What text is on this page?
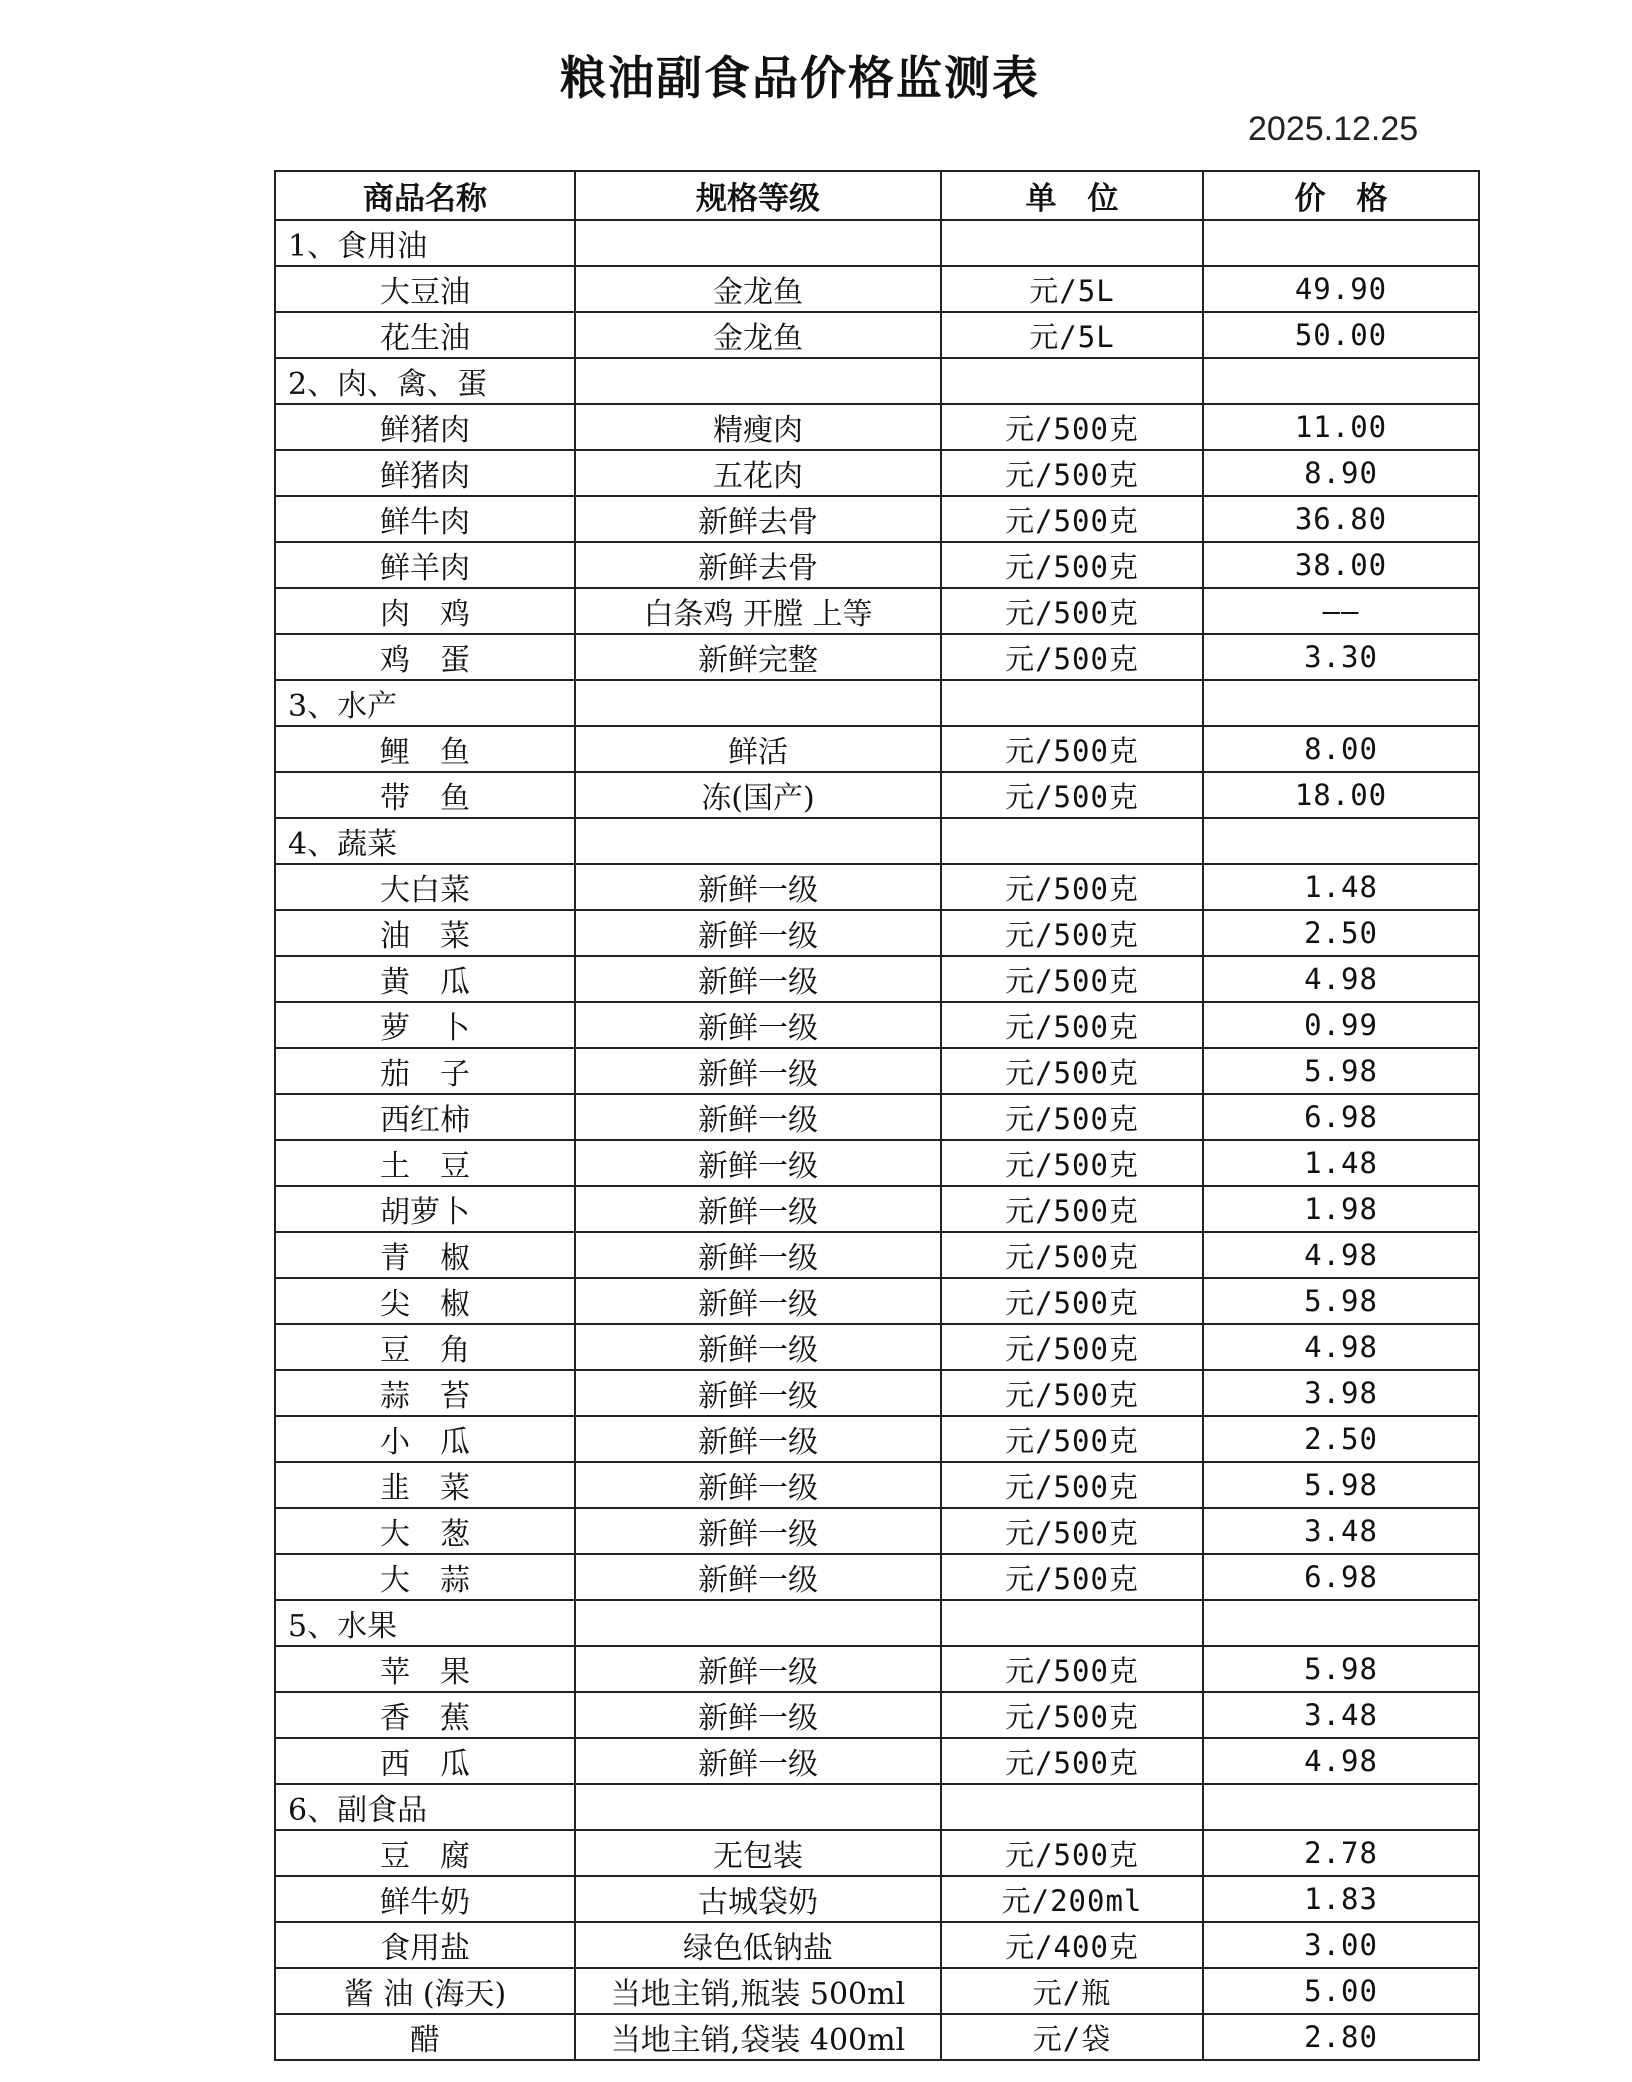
粮油副食品价格监测表
2025.12.25
商品名称	规格等级	单　位	价　格
1、食用油			
大豆油	金龙鱼	元/5L	49.90
花生油	金龙鱼	元/5L	50.00
2、肉、禽、蛋			
鲜猪肉	精瘦肉	元/500克	11.00
鲜猪肉	五花肉	元/500克	8.90
鲜牛肉	新鲜去骨	元/500克	36.80
鲜羊肉	新鲜去骨	元/500克	38.00
肉　鸡	白条鸡 开膛 上等	元/500克	——
鸡　蛋	新鲜完整	元/500克	3.30
3、水产			
鲤　鱼	鲜活	元/500克	8.00
带　鱼	冻(国产)	元/500克	18.00
4、蔬菜			
大白菜	新鲜一级	元/500克	1.48
油　菜	新鲜一级	元/500克	2.50
黄　瓜	新鲜一级	元/500克	4.98
萝　卜	新鲜一级	元/500克	0.99
茄　子	新鲜一级	元/500克	5.98
西红柿	新鲜一级	元/500克	6.98
土　豆	新鲜一级	元/500克	1.48
胡萝卜	新鲜一级	元/500克	1.98
青　椒	新鲜一级	元/500克	4.98
尖　椒	新鲜一级	元/500克	5.98
豆　角	新鲜一级	元/500克	4.98
蒜　苔	新鲜一级	元/500克	3.98
小　瓜	新鲜一级	元/500克	2.50
韭　菜	新鲜一级	元/500克	5.98
大　葱	新鲜一级	元/500克	3.48
大　蒜	新鲜一级	元/500克	6.98
5、水果			
苹　果	新鲜一级	元/500克	5.98
香　蕉	新鲜一级	元/500克	3.48
西　瓜	新鲜一级	元/500克	4.98
6、副食品			
豆　腐	无包装	元/500克	2.78
鲜牛奶	古城袋奶	元/200ml	1.83
食用盐	绿色低钠盐	元/400克	3.00
酱 油 (海天)	当地主销,瓶装 500ml	元/瓶	5.00
醋	当地主销,袋装 400ml	元/袋	2.80
